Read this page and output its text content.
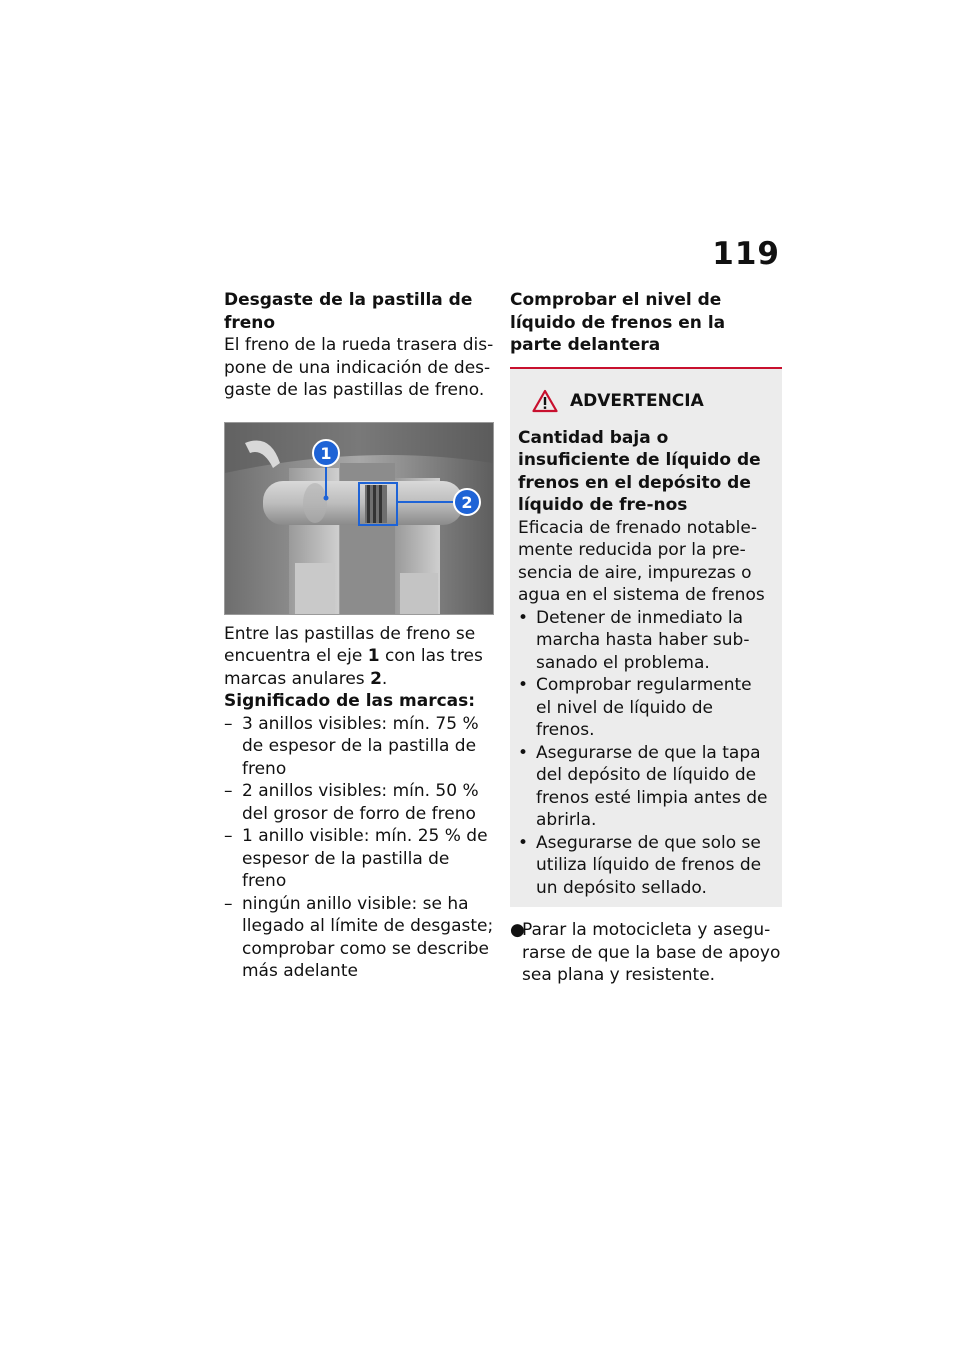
119

Desgaste de la pastilla de freno

El freno de la rueda trasera dis-pone de una indicación de des-gaste de las pastillas de freno.

1
2

Entre las pastillas de freno se encuentra el eje 1 con las tres marcas anulares 2.

Significado de las marcas:

– 3 anillos visibles: mín. 75 % de espesor de la pastilla de freno
– 2 anillos visibles: mín. 50 % del grosor de forro de freno
– 1 anillo visible: mín. 25 % de espesor de la pastilla de freno
– ningún anillo visible: se ha llegado al límite de desgaste; comprobar como se describe más adelante

Comprobar el nivel de líquido de frenos en la parte delantera

ADVERTENCIA

Cantidad baja o insuficiente de líquido de frenos en el depósito de líquido de fre-nos

Eficacia de frenado notable-mente reducida por la pre-sencia de aire, impurezas o agua en el sistema de frenos

• Detener de inmediato la marcha hasta haber sub-sanado el problema.
• Comprobar regularmente el nivel de líquido de frenos.
• Asegurarse de que la tapa del depósito de líquido de frenos esté limpia antes de abrirla.
• Asegurarse de que solo se utiliza líquido de frenos de un depósito sellado.
●
Parar la motocicleta y asegu-rarse de que la base de apoyo sea plana y resistente.
